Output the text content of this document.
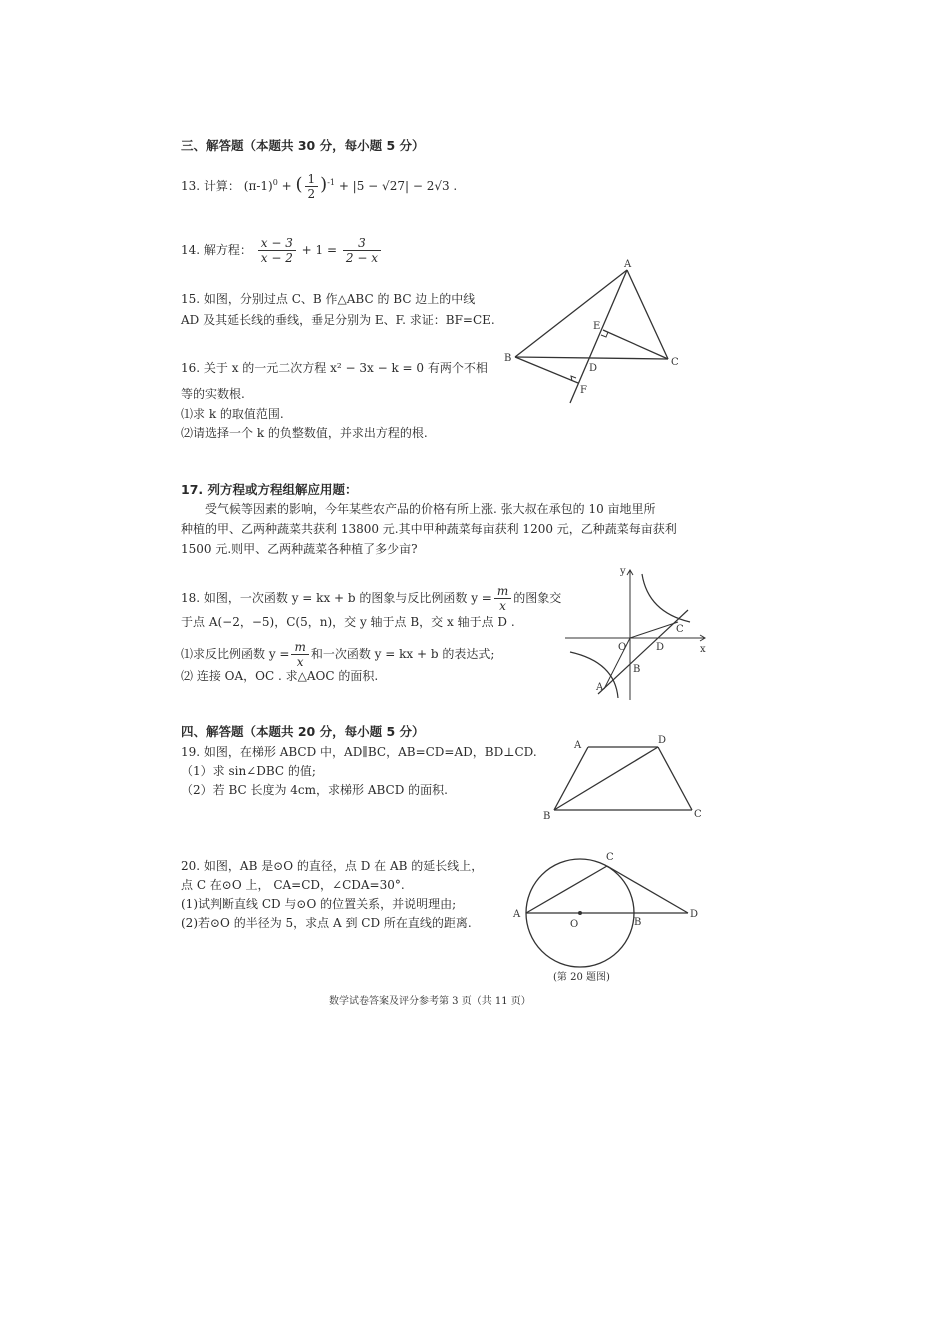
三、解答题（本题共 30 分，每小题 5 分）
13. 计算： $(\pi-1)^0$ + ( $\frac{1}{2} )^{-1} + |5 - √27| - 2√3$ .
14. 解方程： $\frac{x - 3}{x - 2} + 1 = \frac{3}{2 - x}$
15. 如图，分别过点 C、B 作△ABC 的 BC 边上的中线
AD 及其延长线的垂线，垂足分别为 E、F. 求证：BF=CE.
A
B	C
D
E
F
16. 关于 x 的一元二次方程 x² − 3x − k = 0 有两个不相
等的实数根.
⑴求 k 的取值范围.
⑵请选择一个 k 的负整数值，并求出方程的根.
17. 列方程或方程组解应用题：
受气候等因素的影响，今年某些农产品的价格有所上涨. 张大叔在承包的 10 亩地里所
种植的甲、乙两种蔬菜共获利 13800 元.其中甲种蔬菜每亩获利 1200 元，乙种蔬菜每亩获利
1500 元.则甲、乙两种蔬菜各种植了多少亩?
18. 如图，一次函数 y = kx + b 的图象与反比例函数 $y = \frac{m}{x}$ 的图象交
于点 A(−2，−5)，C(5，n)，交 y 轴于点 B，交 x 轴于点 D .
⑴求反比例函数 $y = \frac{m}{x}$ 和一次函数 y = kx + b 的表达式;
⑵ 连接 OA，OC . 求△AOC 的面积.
y
x
O
A
B
C
D
四、解答题（本题共 20 分，每小题 5 分）
19. 如图，在梯形 ABCD 中，AD∥BC，AB=CD=AD，BD⊥CD.
（1）求 sin∠DBC 的值;
（2）若 BC 长度为 4cm，求梯形 ABCD 的面积.
A
B	C
D
20. 如图，AB 是⊙O 的直径，点 D 在 AB 的延长线上，
点 C 在⊙O 上， CA=CD，∠CDA=30°.
(1)试判断直线 CD 与⊙O 的位置关系，并说明理由;
(2)若⊙O 的半径为 5，求点 A 到 CD 所在直线的距离.
A
B
C
D
O
(第 20 题图)
数学试卷答案及评分参考第 3 页（共 11 页）
